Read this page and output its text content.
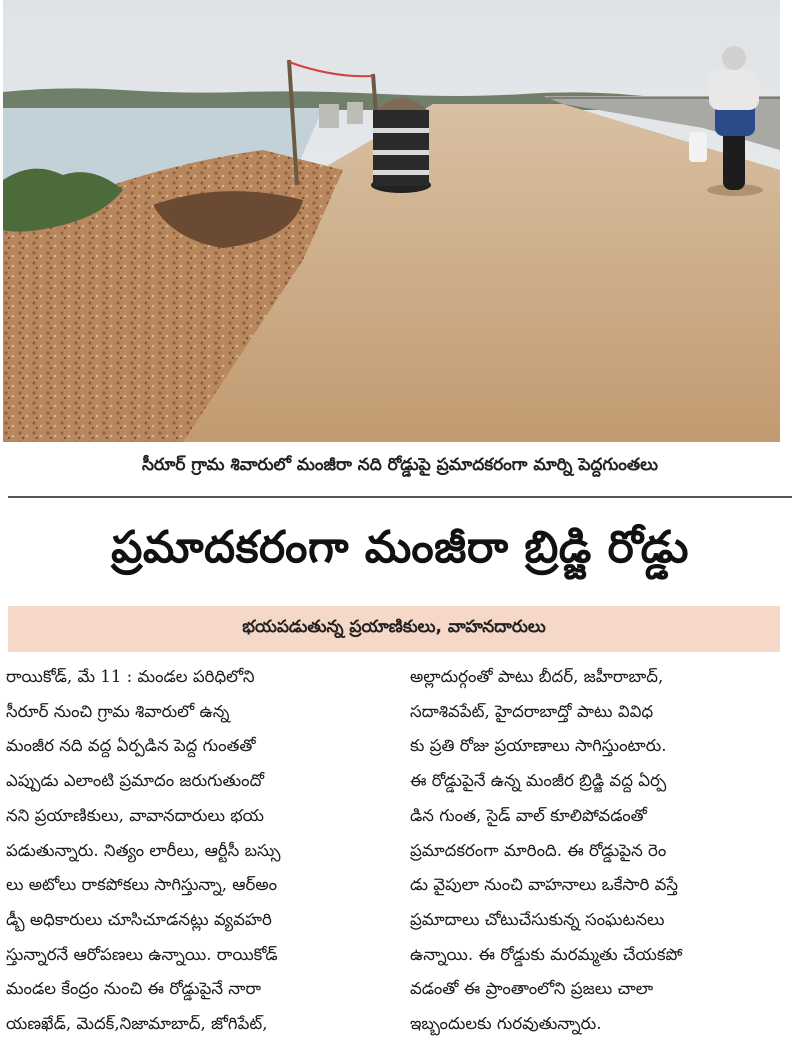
సీరూర్ గ్రామ శివారులో మంజీరా నది రోడ్డుపై ప్రమాదకరంగా మార్ని పెద్దగుంతలు
ప్రమాదకరంగా మంజీరా బ్రిడ్జి రోడ్డు
భయపడుతున్న ప్రయాణికులు, వాహనదారులు

రాయికోడ్, మే 11 : మండల పరిధిలోని

సీరూర్ నుంచి గ్రామ శివారులో ఉన్న

మంజీర నది వద్ద ఏర్పడిన పెద్ద గుంతతో

ఎప్పుడు ఎలాంటి ప్రమాదం జరుగుతుందో

నని ప్రయాణికులు, వావానదారులు భయ

పడుతున్నారు. నిత్యం లారీలు, ఆర్టీసీ బస్సు

లు అటోలు రాకపోకలు సాగిస్తున్నా, ఆర్అం

డ్బీ అధికారులు చూసిచూడనట్లు వ్యవహరి

స్తున్నారనే ఆరోపణలు ఉన్నాయి. రాయికోడ్

మండల కేంద్రం నుంచి ఈ రోడ్డుపైనే నారా

యణఖేడ్, మెదక్,నిజామాబాద్, జోగిపేట్,

అల్లాదుర్గంతో పాటు బీదర్, జహీరాబాద్,

సదాశివపేట్, హైదరాబాద్తో పాటు వివిధ

కు ప్రతి రోజు ప్రయాణాలు సాగిస్తుంటారు.

ఈ రోడ్డుపైనే ఉన్న మంజీర బ్రిడ్జి వద్ద ఏర్ప

డిన గుంత, సైడ్ వాల్ కూలిపోవడంతో

ప్రమాదకరంగా మారింది. ఈ రోడ్డుపైన రెం

డు వైపులా నుంచి వాహనాలు ఒకేసారి వస్తే

ప్రమాదాలు చోటుచేసుకున్న సంఘటనలు

ఉన్నాయి. ఈ రోడ్డుకు మరమ్మతు చేయకపో

వడంతో ఈ ప్రాంతాంలోని ప్రజలు చాలా

ఇబ్బందులకు గురవుతున్నారు.
